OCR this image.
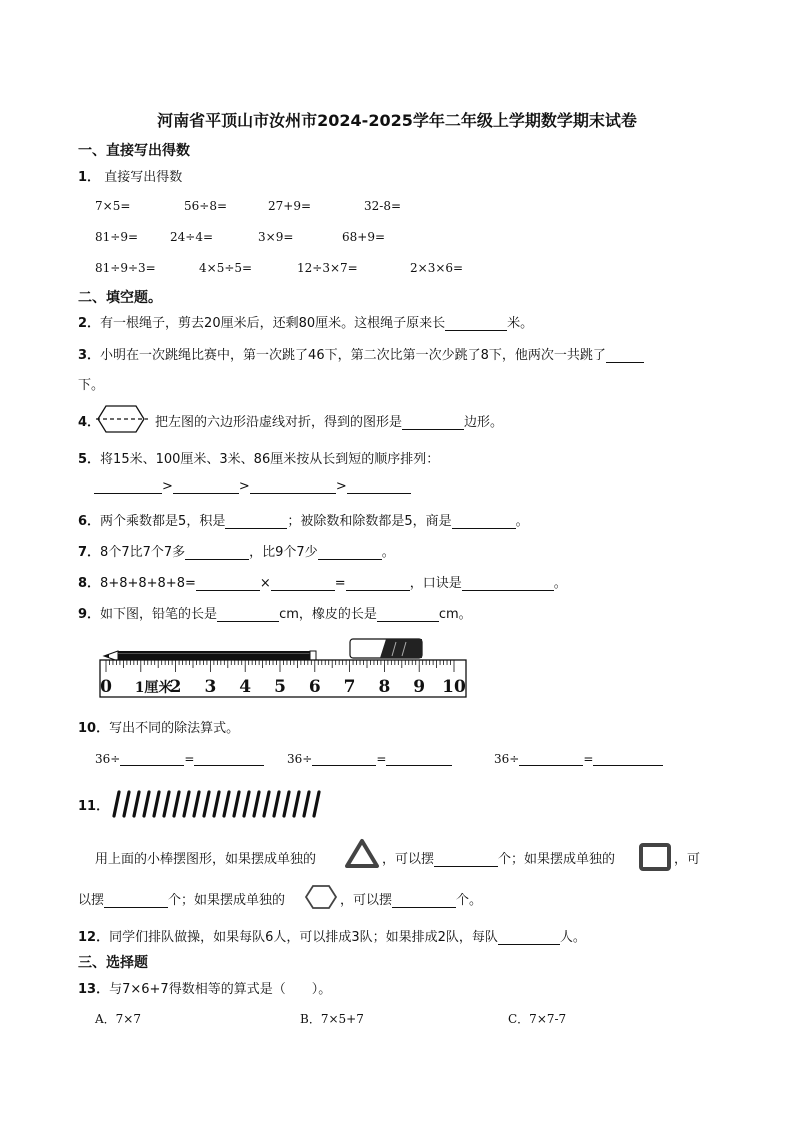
河南省平顶山市汝州市2024-2025学年二年级上学期数学期末试卷
一、直接写出得数
1． 直接写出得数
7×5=	56÷8=	27+9=	32-8=
81÷9=	24÷4=	3×9=	68+9=
81÷9÷3=	4×5÷5=	12÷3×7=	2×3×6=
二、填空题。
2．有一根绳子，剪去20厘米后，还剩80厘米。这根绳子原来长	米。
3．小明在一次跳绳比赛中，第一次跳了46下，第二次比第一次少跳了8下，他两次一共跳了
下。
4．	把左图的六边形沿虚线对折，得到的图形是	边形。
5．将15米、100厘米、3米、86厘米按从长到短的顺序排列：
>	>	>
6．两个乘数都是5，积是	；被除数和除数都是5，商是	。
7．8个7比7个7多	，比9个7少	。
8．8+8+8+8+8=	×	=	，口诀是	。
9．如下图，铅笔的长是	cm，橡皮的长是	cm。
0 1厘米
2 3 4 5 6 7 8 9 10
10．写出不同的除法算式。
36÷	=	36÷	=	36÷	=
11．
用上面的小棒摆图形，如果摆成单独的	，可以摆	个；如果摆成单独的	，可
以摆	个；如果摆成单独的	，可以摆	个。
12．同学们排队做操，如果每队6人，可以排成3队；如果排成2队，每队	人。
三、选择题
13．与7×6+7得数相等的算式是（　　）。
A．7×7	B．7×5+7	C．7×7-7
